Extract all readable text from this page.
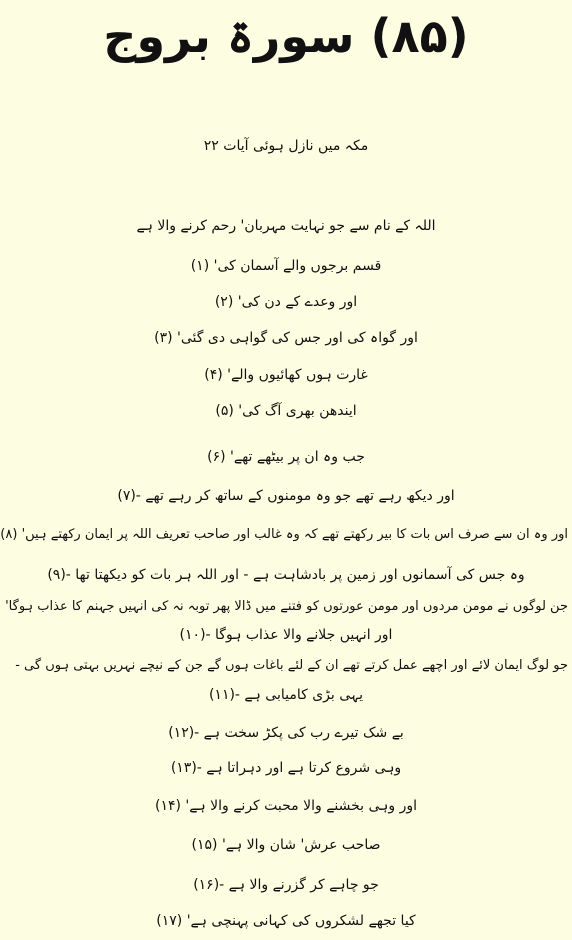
(۸۵) سورۃ بروج
مکہ میں نازل ہوئی آیات ۲۲
اللہ کے نام سے جو نہایت مہربان' رحم کرنے والا ہے
قسم برجوں والے آسمان کی' (۱)
اور وعدے کے دن کی' (۲)
اور گواہ کی اور جس کی گواہی دی گئی' (۳)
غارت ہوں کھائیوں والے' (۴)
ایندھن بھری آگ کی' (۵)
جب وہ ان پر بیٹھے تھے' (۶)
اور دیکھ رہے تھے جو وہ مومنوں کے ساتھ کر رہے تھے -(۷)
اور وہ ان سے صرف اس بات کا بیر رکھتے تھے کہ وہ غالب اور صاحب تعریف اللہ پر ایمان رکھتے ہیں' (۸)
وہ جس کی آسمانوں اور زمین پر بادشاہت ہے - اور اللہ ہر بات کو دیکھتا تھا -(۹)
جن لوگوں نے مومن مردوں اور مومن عورتوں کو فتنے میں ڈالا پھر توبہ نہ کی انہیں جہنم کا عذاب ہوگا'
اور انہیں جلانے والا عذاب ہوگا -(۱۰)
جو لوگ ایمان لائے اور اچھے عمل کرتے تھے ان کے لئے باغات ہوں گے جن کے نیچے نہریں بہتی ہوں گی -
یہی بڑی کامیابی ہے -(۱۱)
بے شک تیرے رب کی پکڑ سخت ہے -(۱۲)
وہی شروع کرتا ہے اور دہراتا ہے -(۱۳)
اور وہی بخشنے والا محبت کرنے والا ہے' (۱۴)
صاحب عرش' شان والا ہے' (۱۵)
جو چاہے کر گزرنے والا ہے -(۱۶)
کیا تجھے لشکروں کی کہانی پہنچی ہے' (۱۷)
